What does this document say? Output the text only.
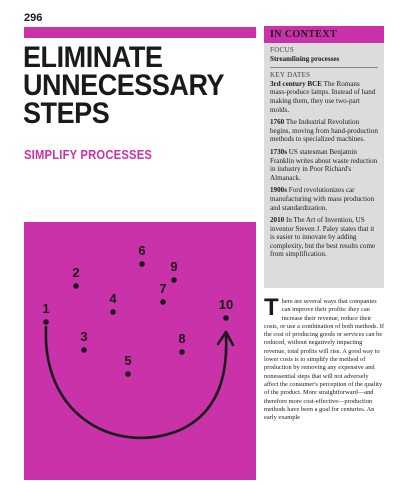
296
ELIMINATE
UNNECESSARY
STEPS
SIMPLIFY PROCESSES
IN CONTEXT
FOCUS
Streamlining processes
KEY DATES
3rd century BCE The Romans mass-produce lamps. Instead of hand making them, they use two-part molds.
1760 The Industrial Revolution begins, moving from hand-production methods to specialized machines.
1730s US statesman Benjamin Franklin writes about waste reduction in industry in Poor Richard's Almanack.
1900s Ford revolutionizes car manufacturing with mass production and standardization.
2010 In The Art of Invention, US inventor Steven J. Paley states that it is easier to innovate by adding complexity, but the best results come from simplification.
1
2
3
4
5
6
7
8
9
10 There are several ways that companies can improve their profits: they can increase their revenue, reduce their costs, or use a combination of both methods. If the cost of producing goods or services can be reduced, without negatively impacting revenue, total profits will rise. A good way to lower costs is to simplify the method of production by removing any expensive and nonessential steps that will not adversely affect the consumer's perception of the quality of the product. More straightforward—and therefore more cost-effective—production methods have been a goal for centuries. An early example
